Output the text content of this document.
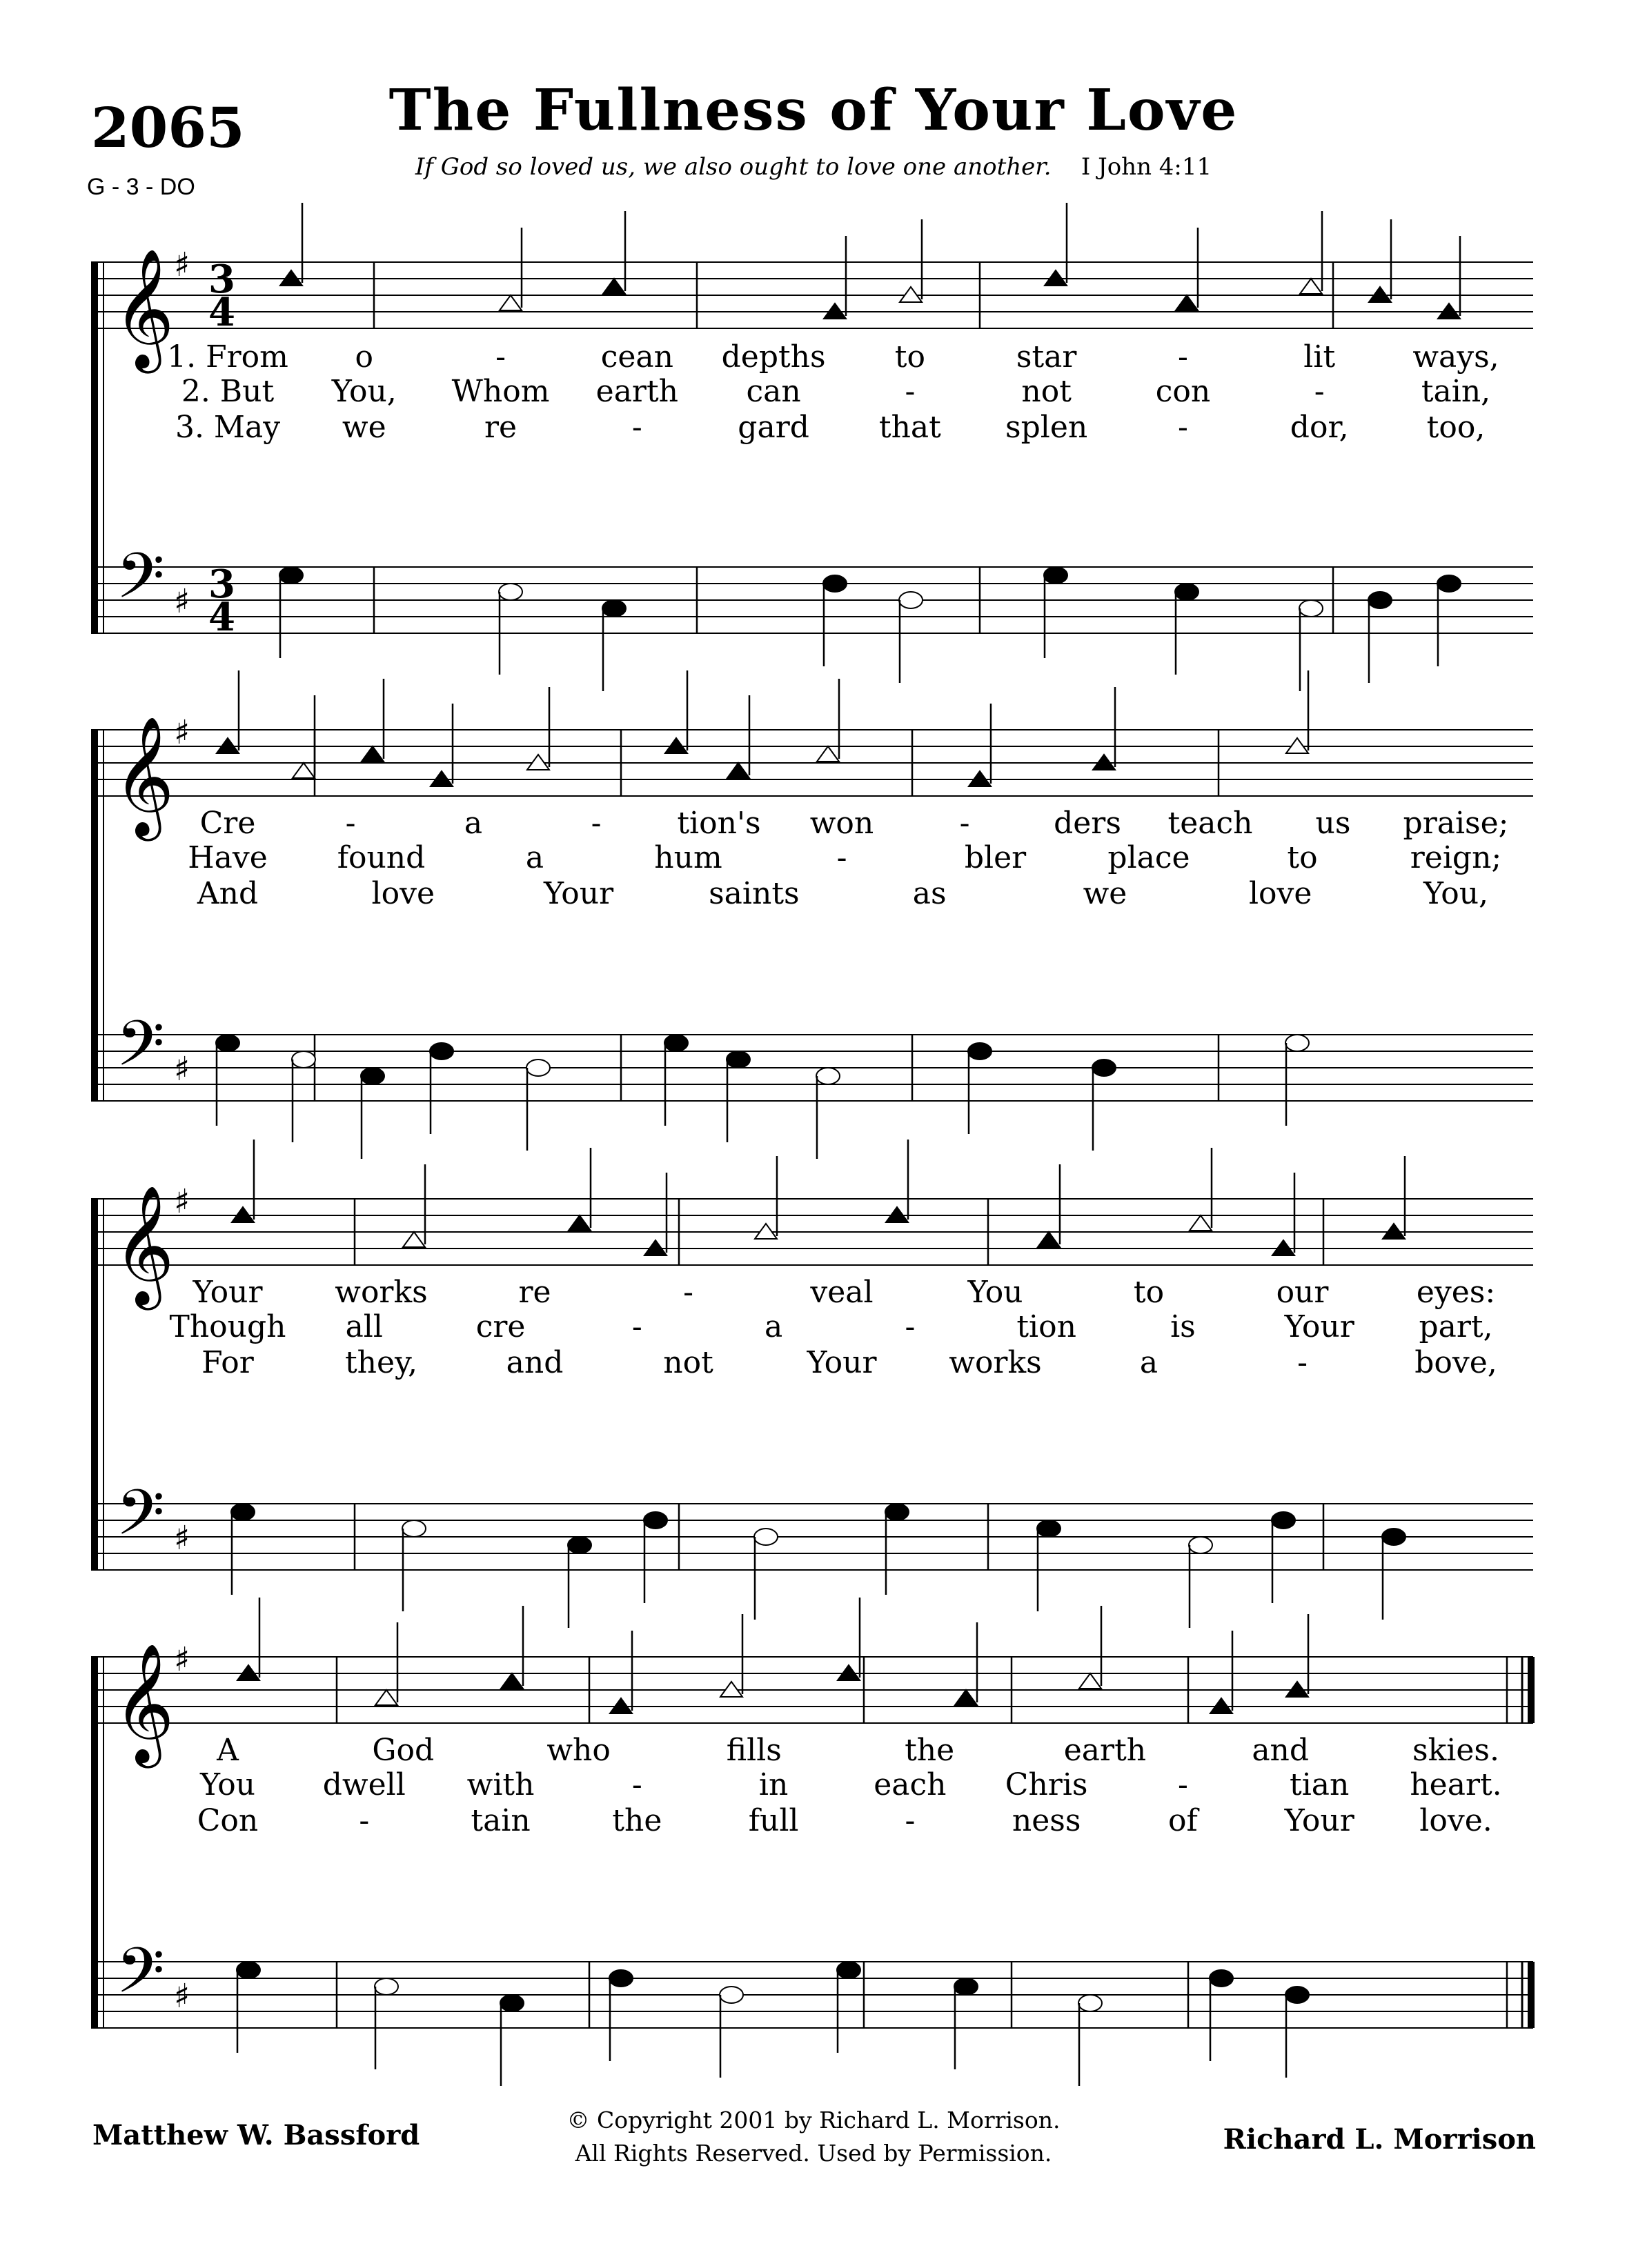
2065	The Fullness of Your Love
If God so loved us, we also ought to love one another. I John 4:11
G - 3 - DO
𝄞
𝄢
♯
♯
3
4
3
4
𝄞
𝄢
♯
♯
𝄞
𝄢
♯
♯
𝄞
𝄢
♯
♯
1. From o	-	cean depths to	star	-	lit	ways,
2. But You, Whom earth can	-	not	con	-	tain,
3. May we	re	-	gard that splen	-	dor,	too,
Cre	-	a	- tion's won	-	ders teach us praise;
Have found	a	hum	-	bler	place	to	reign;
And	love	Your	saints	as	we	love	You,
Your works	re	-	veal	You	to	our	eyes:
Though all	cre	-	a	-	tion	is	Your part,
For	they,	and	not	Your works	a	-	bove,
A	God	who	fills	the	earth	and	skies.
You dwell with	-	in	each Chris	-	tian heart.
Con	-	tain	the	full	-	ness	of	Your love.
Matthew W. Bassford	© Copyright 2001 by Richard L. Morrison.
All Rights Reserved. Used by Permission.	Richard L. Morrison
